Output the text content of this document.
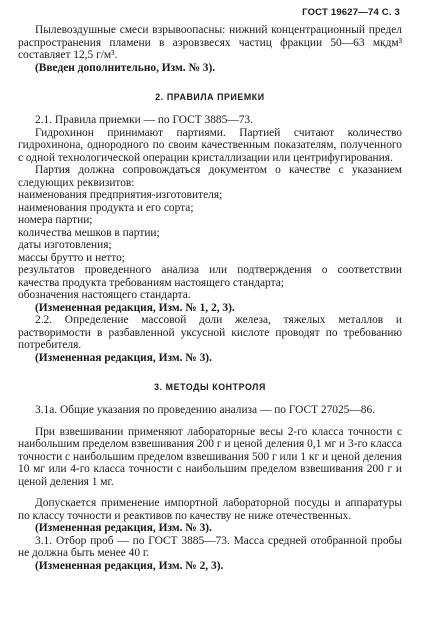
ГОСТ 19627—74 С. 3

Пылевоздушные смеси взрывоопасны: нижний концентрационный предел распространения пламени в аэровзвесях частиц фракции 50—63 мкдм³ составляет 12,5 г/м³.

(Введен дополнительно, Изм. № 3).

2. ПРАВИЛА ПРИЕМКИ

2.1. Правила приемки — по ГОСТ 3885—73.

Гидрохинон принимают партиями. Партией считают количество гидрохинона, однородного по своим качественным показателям, полученного с одной технологической операции кристаллизации или центрифугирования.

Партия должна сопровождаться документом о качестве с указанием следующих реквизитов:

наименования предприятия-изготовителя;

наименования продукта и его сорта;

номера партии;

количества мешков в партии;

даты изготовления;

массы брутто и нетто;

результатов проведенного анализа или подтверждения о соответствии качества продукта требованиям настоящего стандарта;

обозначения настоящего стандарта.

(Измененная редакция, Изм. № 1, 2, 3).

2.2. Определение массовой доли железа, тяжелых металлов и растворимости в разбавленной уксусной кислоте проводят по требованию потребителя.

(Измененная редакция, Изм. № 3).

3. МЕТОДЫ КОНТРОЛЯ

3.1а. Общие указания по проведению анализа — по ГОСТ 27025—86.

При взвешивании применяют лабораторные весы 2-го класса точности с наибольшим пределом взвешивания 200 г и ценой деления 0,1 мг и 3-го класса точности с наибольшим пределом взвешивания 500 г или 1 кг и ценой деления 10 мг или 4-го класса точности с наибольшим пределом взвешивания 200 г и ценой деления 1 мг.

Допускается применение импортной лабораторной посуды и аппаратуры по классу точности и реактивов по качеству не ниже отечественных.

(Измененная редакция, Изм. № 3).

3.1. Отбор проб — по ГОСТ 3885—73. Масса средней отобранной пробы не должна быть менее 40 г.

(Измененная редакция, Изм. № 2, 3).
